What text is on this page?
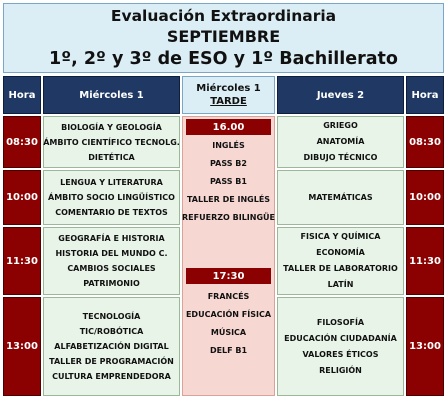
Evaluación Extraordinaria
SEPTIEMBRE
1º, 2º y 3º de ESO y 1º Bachillerato
Hora	Miércoles 1
Miércoles 1
TARDE
Jueves 2	Hora
08:30
10:00
11:30
13:00
08:30
10:00
11:30
13:00
BIOLOGÍA Y GEOLOGÍA
ÁMBITO CIENTÍFICO TECNOLG.
DIETÉTICA
LENGUA Y LITERATURA
ÁMBITO SOCIO LINGÜÍSTICO
COMENTARIO DE TEXTOS
GEOGRAFÍA E HISTORIA
HISTORIA DEL MUNDO C.
CAMBIOS SOCIALES
PATRIMONIO
TECNOLOGÍA
TIC/ROBÓTICA
ALFABETIZACIÓN DIGITAL
TALLER DE PROGRAMACIÓN
CULTURA EMPRENDEDORA
16.00
INGLÉS
PASS B2
PASS B1
TALLER DE INGLÉS
REFUERZO BILINGÜE
17:30
FRANCÉS
EDUCACIÓN FÍSICA
MÚSICA
DELF B1
GRIEGO
ANATOMÍA
DIBUJO TÉCNICO
MATEMÁTICAS
FISICA Y QUÍMICA
ECONOMÍA
TALLER DE LABORATORIO
LATÍN
FILOSOFÍA
EDUCACIÓN CIUDADANÍA
VALORES ÉTICOS
RELIGIÓN
